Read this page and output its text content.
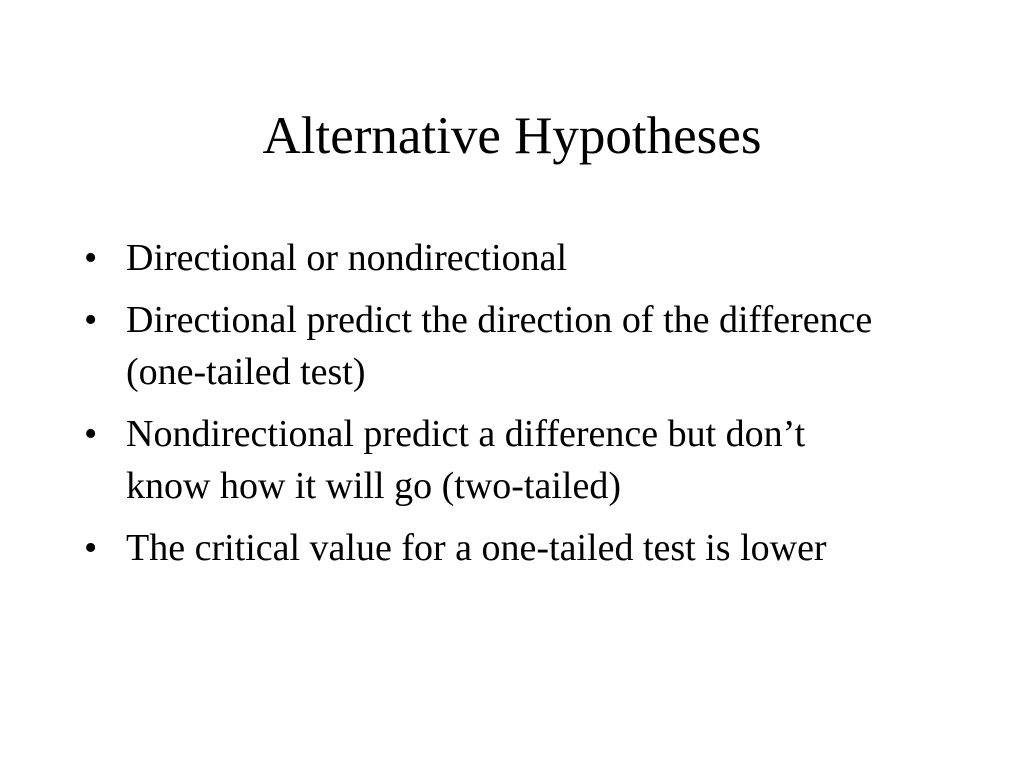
Alternative Hypotheses
• Directional or nondirectional
• Directional predict the direction of the difference (one-tailed test)
• Nondirectional predict a difference but don’t know how it will go (two-tailed)
• The critical value for a one-tailed test is lower
